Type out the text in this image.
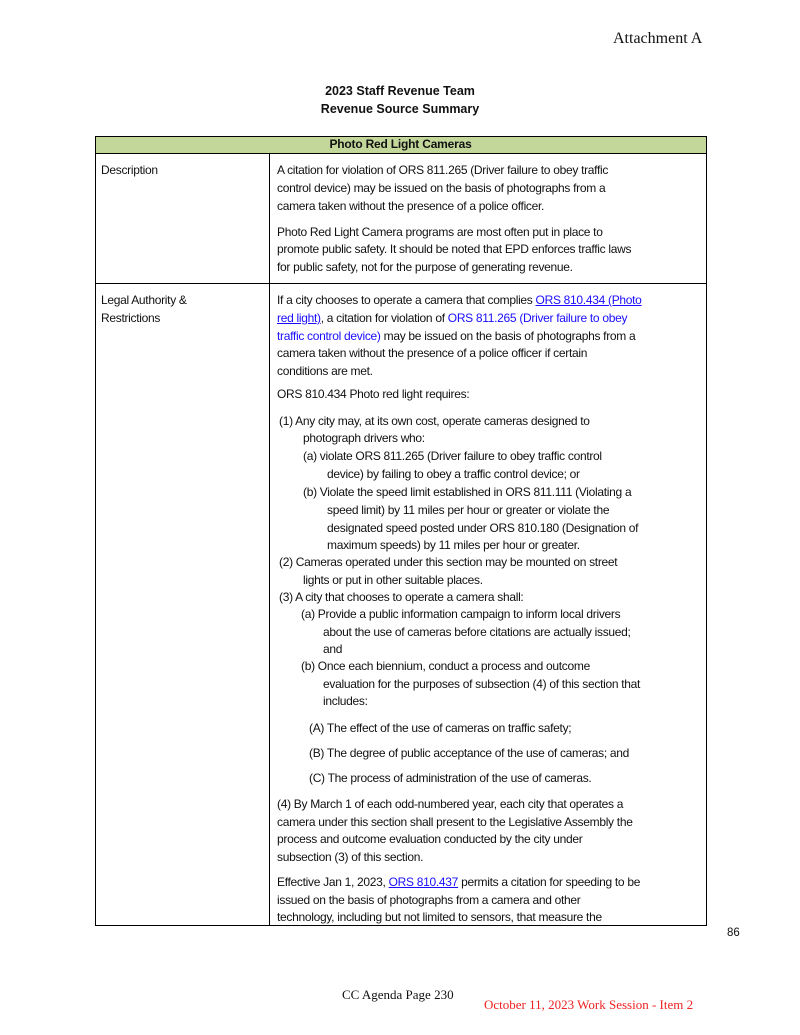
Attachment A
2023 Staff Revenue Team
Revenue Source Summary
Photo Red Light Cameras
Description	A citation for violation of ORS 811.265 (Driver failure to obey traffic
control device) may be issued on the basis of photographs from a
camera taken without the presence of a police officer.
Photo Red Light Camera programs are most often put in place to
promote public safety. It should be noted that EPD enforces traffic laws
for public safety, not for the purpose of generating revenue.
Legal Authority &
Restrictions
If a city chooses to operate a camera that complies ORS 810.434 (Photo
red light), a citation for violation of ORS 811.265 (Driver failure to obey
traffic control device) may be issued on the basis of photographs from a
camera taken without the presence of a police officer if certain
conditions are met.
ORS 810.434 Photo red light requires:
(1) Any city may, at its own cost, operate cameras designed to
photograph drivers who:
(a) violate ORS 811.265 (Driver failure to obey traffic control
device) by failing to obey a traffic control device; or
(b) Violate the speed limit established in ORS 811.111 (Violating a
speed limit) by 11 miles per hour or greater or violate the
designated speed posted under ORS 810.180 (Designation of
maximum speeds) by 11 miles per hour or greater.
(2) Cameras operated under this section may be mounted on street
lights or put in other suitable places.
(3) A city that chooses to operate a camera shall:
(a) Provide a public information campaign to inform local drivers
about the use of cameras before citations are actually issued;
and
(b) Once each biennium, conduct a process and outcome
evaluation for the purposes of subsection (4) of this section that
includes:
(A) The effect of the use of cameras on traffic safety;
(B) The degree of public acceptance of the use of cameras; and
(C) The process of administration of the use of cameras.
(4) By March 1 of each odd-numbered year, each city that operates a
camera under this section shall present to the Legislative Assembly the
process and outcome evaluation conducted by the city under
subsection (3) of this section.
Effective Jan 1, 2023, ORS 810.437 permits a citation for speeding to be
issued on the basis of photographs from a camera and other
technology, including but not limited to sensors, that measure the
86
CC Agenda Page 230
October 11, 2023 Work Session - Item 2
